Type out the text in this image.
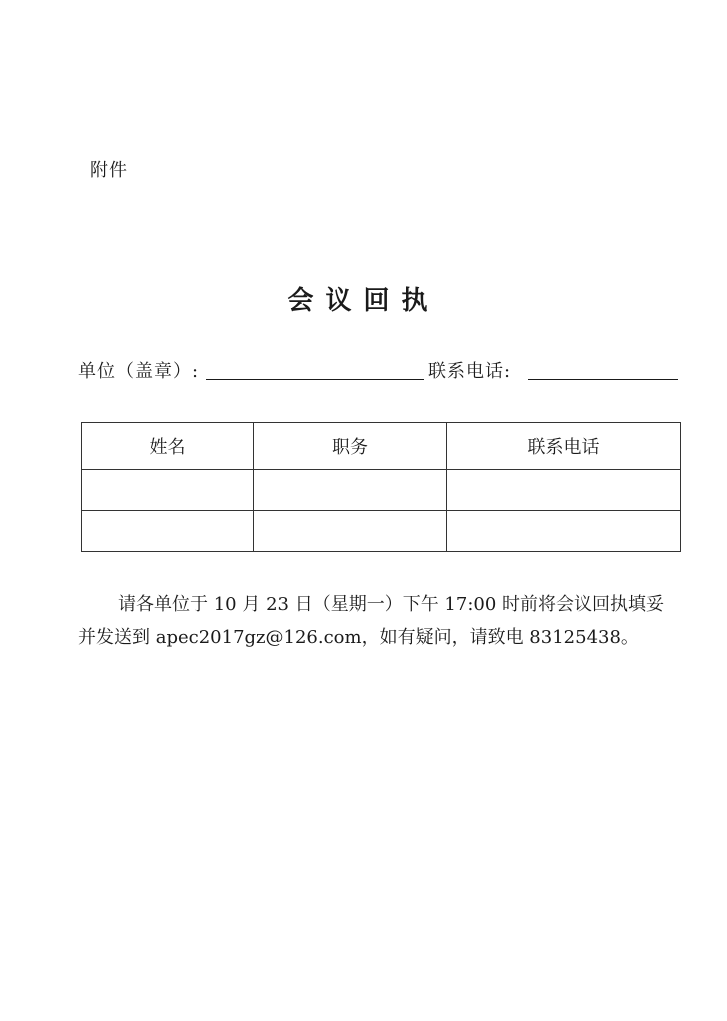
附件
会议回执
单位（盖章）:	联系电话:
姓名	职务	联系电话

请各单位于 10 月 23 日（星期一）下午 17:00 时前将会议回执填妥
并发送到 apec2017gz@126.com，如有疑问，请致电 83125438。
